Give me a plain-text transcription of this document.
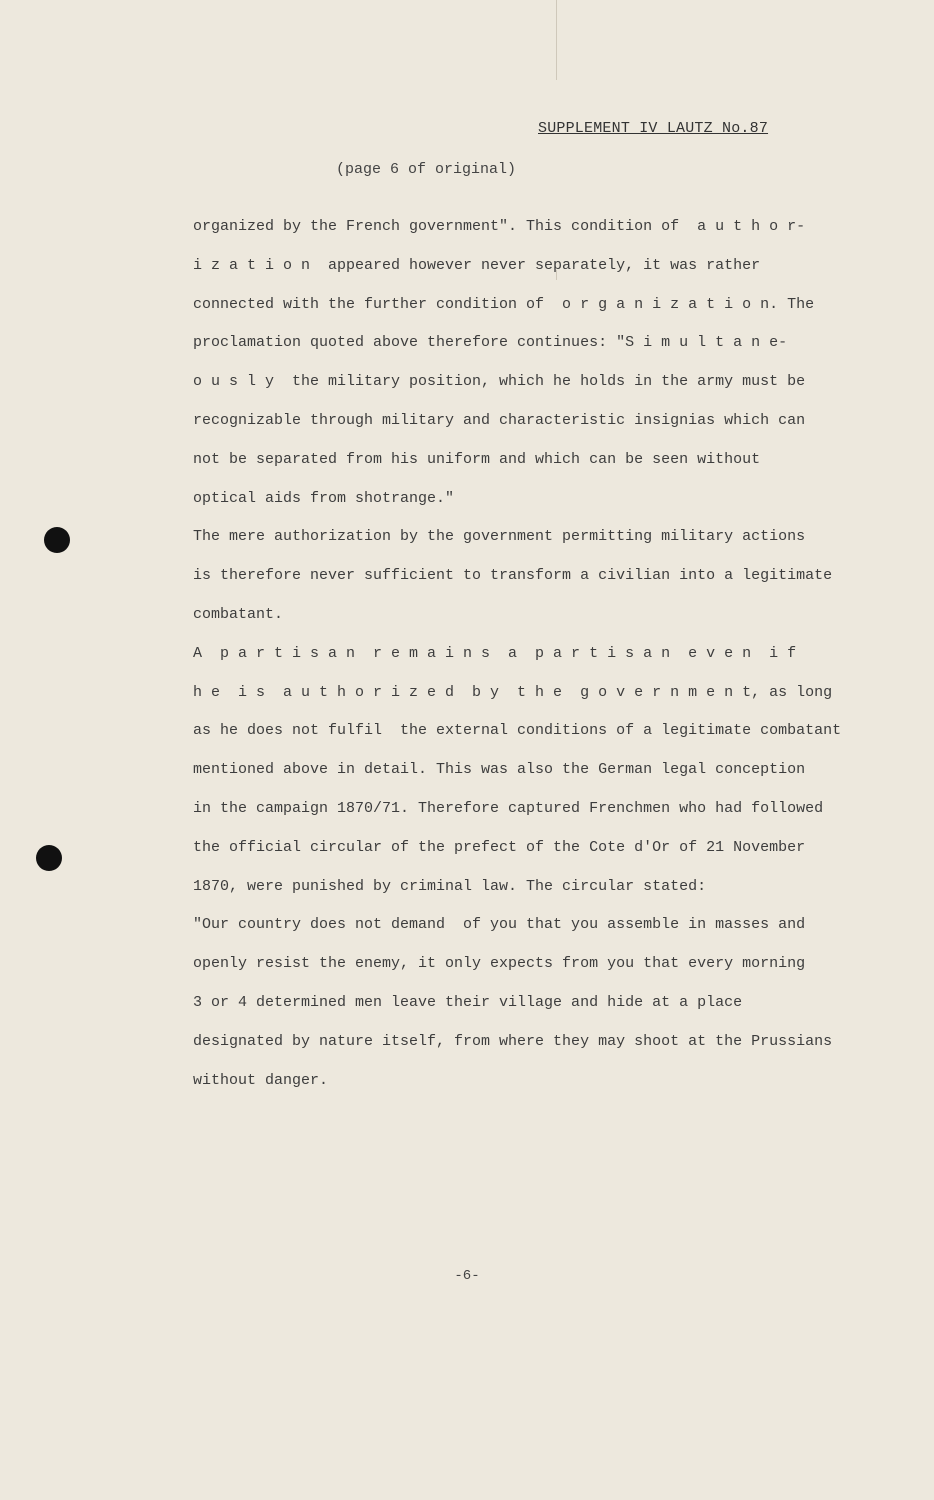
SUPPLEMENT IV LAUTZ No.87
(page 6 of original)
organized by the French government". This condition of  a u t h o r-
i z a t i o n  appeared however never separately, it was rather
connected with the further condition of  o r g a n i z a t i o n. The
proclamation quoted above therefore continues: "S i m u l t a n e-
o u s l y  the military position, which he holds in the army must be
recognizable through military and characteristic insignias which can
not be separated from his uniform and which can be seen without
optical aids from shotrange."
The mere authorization by the government permitting military actions
is therefore never sufficient to transform a civilian into a legitimate
combatant.
A  p a r t i s a n  r e m a i n s  a  p a r t i s a n  e v e n  i f
h e  i s  a u t h o r i z e d  b y  t h e  g o v e r n m e n t, as long
as he does not fulfil  the external conditions of a legitimate combatant
mentioned above in detail. This was also the German legal conception
in the campaign 1870/71. Therefore captured Frenchmen who had followed
the official circular of the prefect of the Cote d'Or of 21 November
1870, were punished by criminal law. The circular stated:
"Our country does not demand  of you that you assemble in masses and
openly resist the enemy, it only expects from you that every morning
3 or 4 determined men leave their village and hide at a place
designated by nature itself, from where they may shoot at the Prussians
without danger.
-6-
